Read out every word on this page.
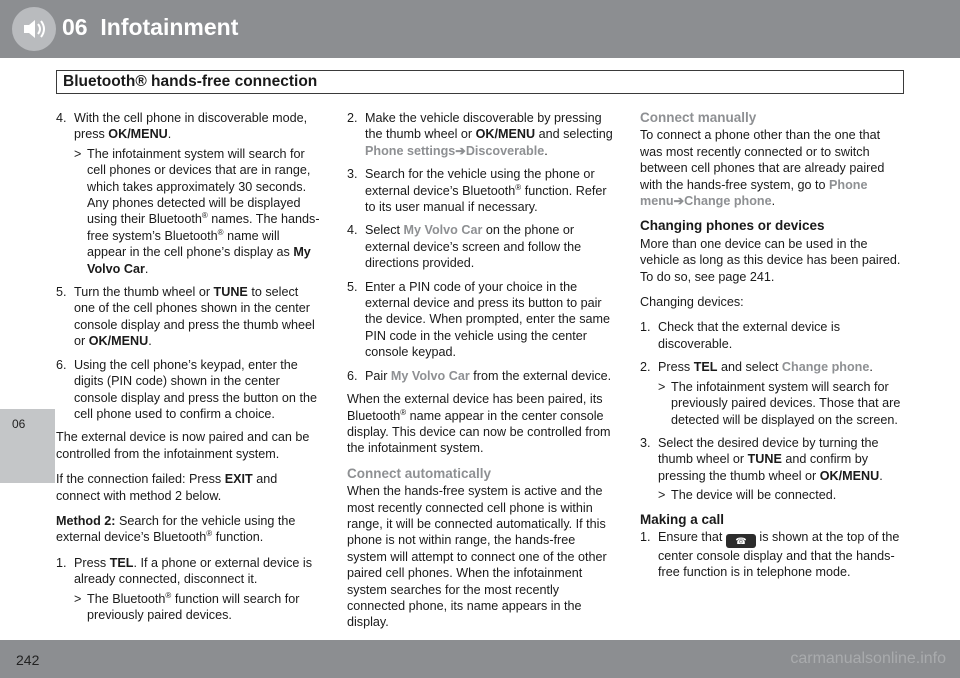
06 Infotainment
Bluetooth® hands-free connection
06
4. With the cell phone in discoverable mode, press OK/MENU.
> The infotainment system will search for cell phones or devices that are in range, which takes approximately 30 seconds. Any phones detected will be displayed using their Bluetooth® names. The hands-free system’s Bluetooth® name will appear in the cell phone’s display as My Volvo Car.
5. Turn the thumb wheel or TUNE to select one of the cell phones shown in the center console display and press the thumb wheel or OK/MENU.
6. Using the cell phone’s keypad, enter the digits (PIN code) shown in the center console display and press the button on the cell phone used to confirm a choice.

The external device is now paired and can be controlled from the infotainment system.

If the connection failed: Press EXIT and connect with method 2 below.

Method 2: Search for the vehicle using the external device’s Bluetooth® function.

1. Press TEL. If a phone or external device is already connected, disconnect it.
> The Bluetooth® function will search for previously paired devices.
2. Make the vehicle discoverable by pressing the thumb wheel or OK/MENU and selecting Phone settings➔Discoverable.
3. Search for the vehicle using the phone or external device’s Bluetooth® function. Refer to its user manual if necessary.
4. Select My Volvo Car on the phone or external device’s screen and follow the directions provided.
5. Enter a PIN code of your choice in the external device and press its button to pair the device. When prompted, enter the same PIN code in the vehicle using the center console keypad.
6. Pair My Volvo Car from the external device.

When the external device has been paired, its Bluetooth® name appear in the center console display. This device can now be controlled from the infotainment system.

Connect automatically

When the hands-free system is active and the most recently connected cell phone is within range, it will be connected automatically. If this phone is not within range, the hands-free system will attempt to connect one of the other paired cell phones. When the infotainment system searches for the most recently connected phone, its name appears in the display.

Connect manually

To connect a phone other than the one that was most recently connected or to switch between cell phones that are already paired with the hands-free system, go to Phone menu➔Change phone.

Changing phones or devices

More than one device can be used in the vehicle as long as this device has been paired. To do so, see page 241.

Changing devices:

1. Check that the external device is discoverable.
2. Press TEL and select Change phone.
> The infotainment system will search for previously paired devices. Those that are detected will be displayed on the screen.
3. Select the desired device by turning the thumb wheel or TUNE and confirm by pressing the thumb wheel or OK/MENU.
> The device will be connected.
Making a call
1. Ensure that ☎ is shown at the top of the center console display and that the hands-free function is in telephone mode.
242	carmanualsonline.info
